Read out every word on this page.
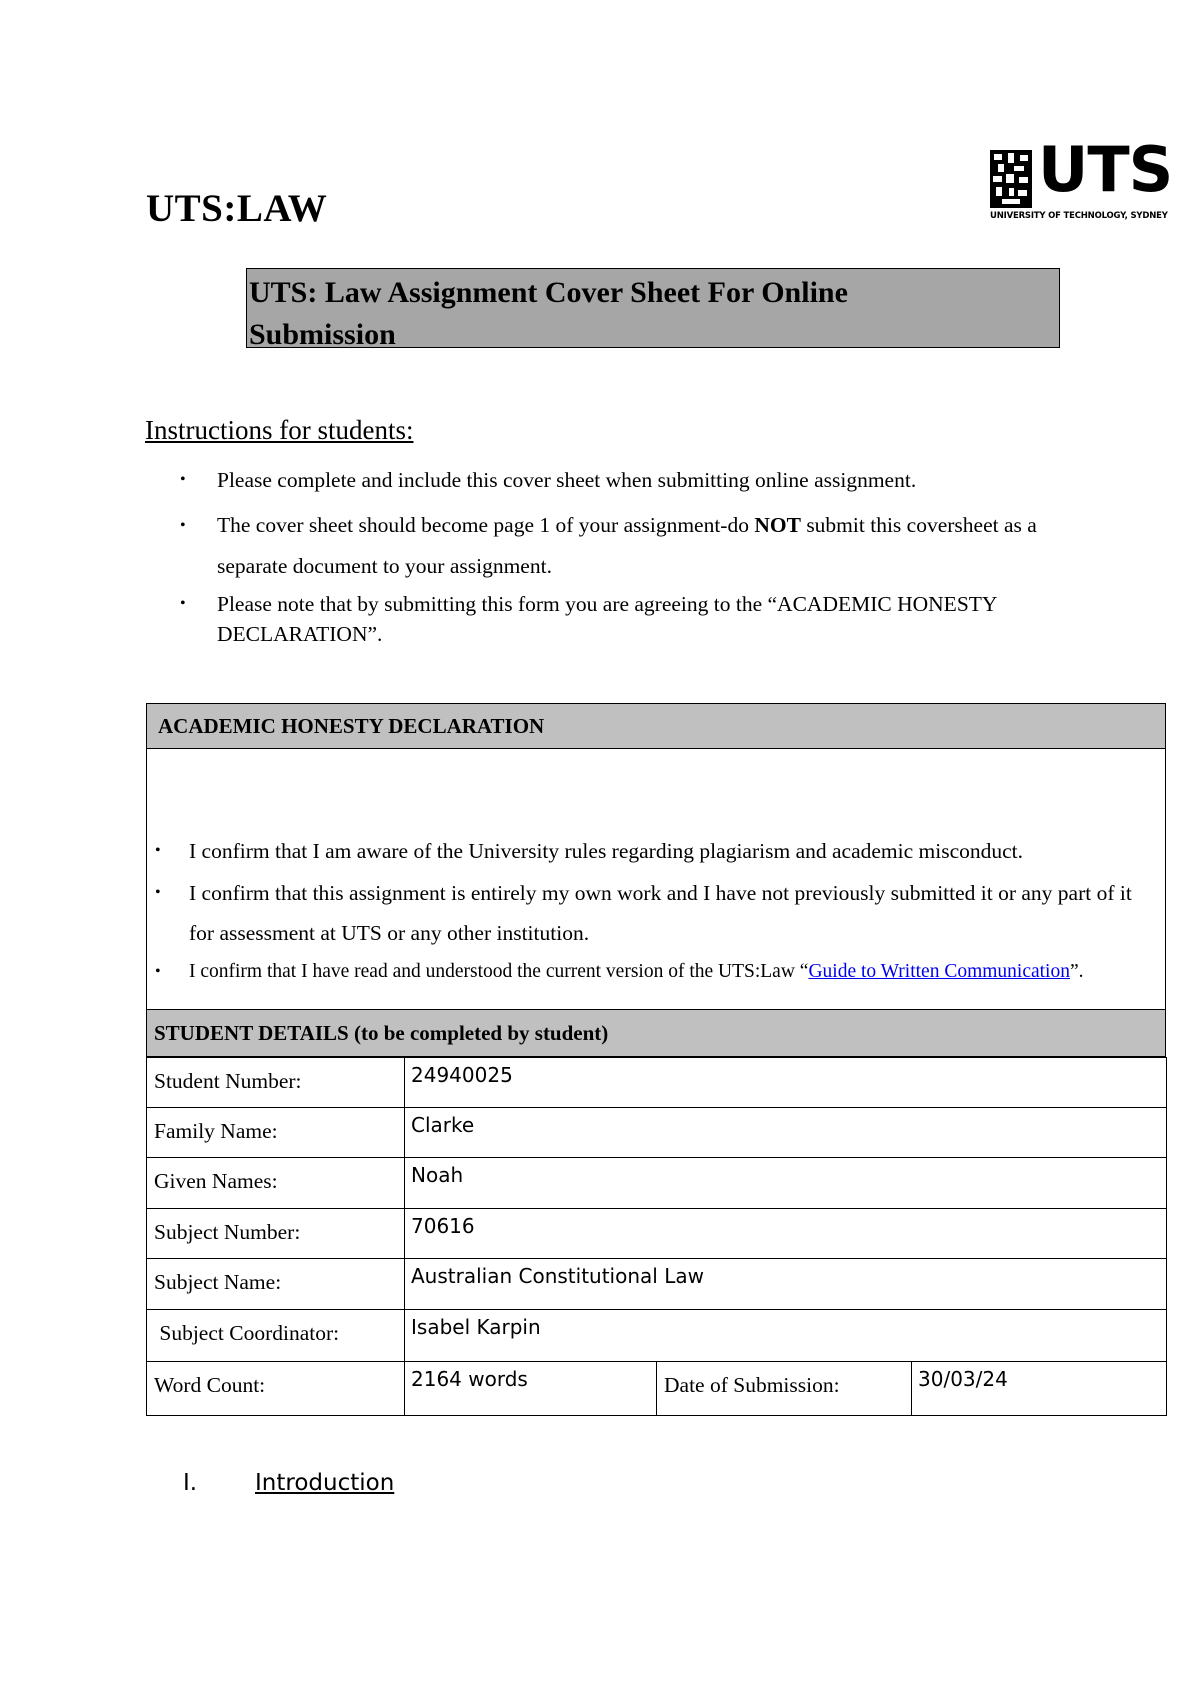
UTS:LAW
UTS
UNIVERSITY OF TECHNOLOGY, SYDNEY
UTS: Law Assignment Cover Sheet For Online
Submission
Instructions for students:
• Please complete and include this cover sheet when submitting online assignment.
• The cover sheet should become page 1 of your assignment-do NOT submit this coversheet as a separate document to your assignment.
• Please note that by submitting this form you are agreeing to the “ACADEMIC HONESTY DECLARATION”.
ACADEMIC HONESTY DECLARATION
• I confirm that I am aware of the University rules regarding plagiarism and academic misconduct.
• I confirm that this assignment is entirely my own work and I have not previously submitted it or any part of it for assessment at UTS or any other institution.
• I confirm that I have read and understood the current version of the UTS:Law “Guide to Written Communication”.
STUDENT DETAILS (to be completed by student)
Student Number:	24940025		
Family Name:	Clarke		
Given Names:	Noah		
Subject Number:	70616		
Subject Name:	Australian Constitutional Law		
Subject Coordinator:	Isabel Karpin		
Word Count:	2164 words	Date of Submission:	30/03/24
I.	Introduction
